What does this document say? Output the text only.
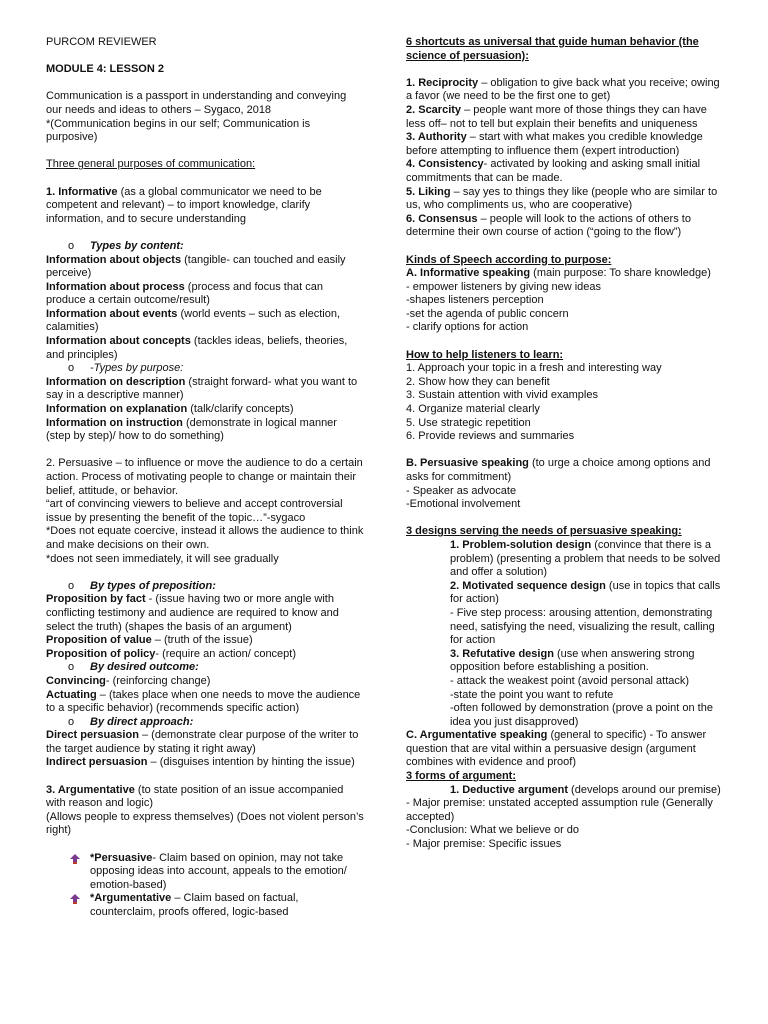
PURCOM REVIEWER

MODULE 4: LESSON 2

Communication is a passport in understanding and conveying our needs and ideas to others – Sygaco, 2018

*(Communication begins in our self; Communication is purposive)

Three general purposes of communication:

1. Informative (as a global communicator we need to be competent and relevant) – to import knowledge, clarify information, and to secure understanding

o Types by content:

Information about objects (tangible- can touched and easily perceive)

Information about process (process and focus that can produce a certain outcome/result)

Information about events (world events – such as election, calamities)

Information about concepts (tackles ideas, beliefs, theories, and principles)

o -Types by purpose:

Information on description (straight forward- what you want to say in a descriptive manner)

Information on explanation (talk/clarify concepts)

Information on instruction (demonstrate in logical manner (step by step)/ how to do something)

2. Persuasive – to influence or move the audience to do a certain action. Process of motivating people to change or maintain their belief, attitude, or behavior.

“art of convincing viewers to believe and accept controversial issue by presenting the benefit of the topic…”-sygaco

*Does not equate coercive, instead it allows the audience to think and make decisions on their own.

*does not seen immediately, it will see gradually

o By types of preposition:

Proposition by fact - (issue having two or more angle with conflicting testimony and audience are required to know and select the truth) (shapes the basis of an argument)

Proposition of value – (truth of the issue)

Proposition of policy- (require an action/ concept)

o By desired outcome:

Convincing- (reinforcing change)

Actuating – (takes place when one needs to move the audience to a specific behavior) (recommends specific action)

o By direct approach:

Direct persuasion – (demonstrate clear purpose of the writer to the target audience by stating it right away)

Indirect persuasion – (disguises intention by hinting the issue)

3. Argumentative (to state position of an issue accompanied with reason and logic)

(Allows people to express themselves) (Does not violent person’s right)

*Persuasive- Claim based on opinion, may not take opposing ideas into account, appeals to the emotion/ emotion-based)
*Argumentative – Claim based on factual, counterclaim, proofs offered, logic-based

6 shortcuts as universal that guide human behavior (the science of persuasion):

1. Reciprocity – obligation to give back what you receive; owing a favor (we need to be the first one to get)

2. Scarcity – people want more of those things they can have less off– not to tell but explain their benefits and uniqueness

3. Authority – start with what makes you credible knowledge before attempting to influence them (expert introduction)

4. Consistency- activated by looking and asking small initial commitments that can be made.

5. Liking – say yes to things they like (people who are similar to us, who compliments us, who are cooperative)

6. Consensus – people will look to the actions of others to determine their own course of action (“going to the flow”)

Kinds of Speech according to purpose:

A. Informative speaking (main purpose: To share knowledge)

- empower listeners by giving new ideas

-shapes listeners perception

-set the agenda of public concern

- clarify options for action

How to help listeners to learn:

1. Approach your topic in a fresh and interesting way

2. Show how they can benefit

3. Sustain attention with vivid examples

4. Organize material clearly

5. Use strategic repetition

6. Provide reviews and summaries

B. Persuasive speaking (to urge a choice among options and asks for commitment)

- Speaker as advocate

-Emotional involvement

3 designs serving the needs of persuasive speaking:

1. Problem-solution design (convince that there is a problem) (presenting a problem that needs to be solved and offer a solution)

2. Motivated sequence design (use in topics that calls for action)

- Five step process: arousing attention, demonstrating need, satisfying the need, visualizing the result, calling for action

3. Refutative design (use when answering strong opposition before establishing a position.

- attack the weakest point (avoid personal attack)

-state the point you want to refute

-often followed by demonstration (prove a point on the idea you just disapproved)

C. Argumentative speaking (general to specific) - To answer question that are vital within a persuasive design (argument combines with evidence and proof)

3 forms of argument:

1. Deductive argument (develops around our premise)

- Major premise: unstated accepted assumption rule (Generally accepted)

-Conclusion: What we believe or do

- Major premise: Specific issues
